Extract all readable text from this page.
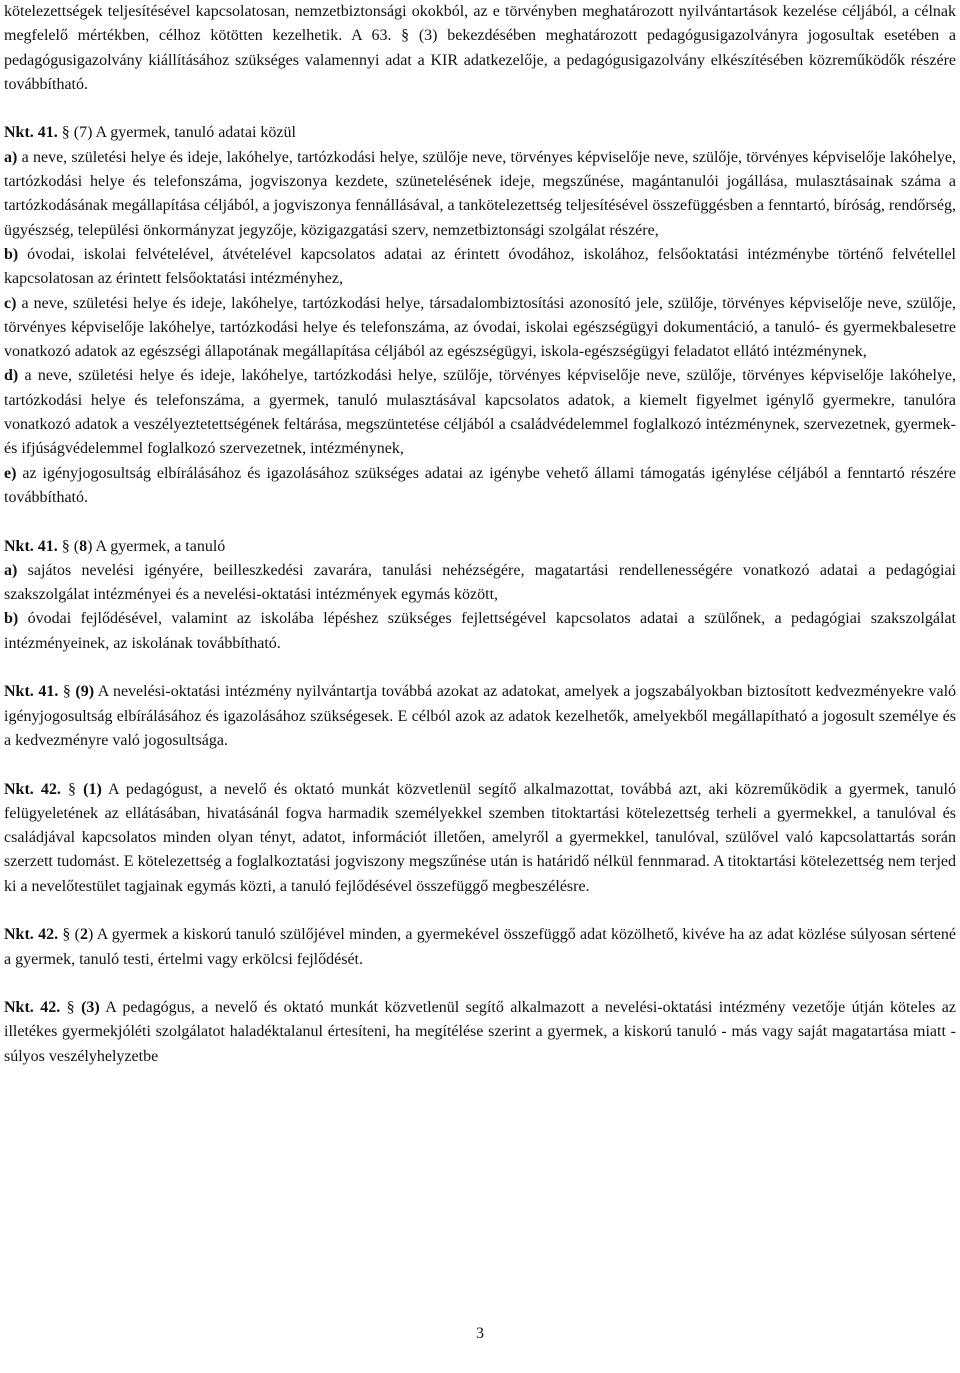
kötelezettségek teljesítésével kapcsolatosan, nemzetbiztonsági okokból, az e törvényben meghatározott nyilvántartások kezelése céljából, a célnak megfelelő mértékben, célhoz kötötten kezelhetik. A 63. § (3) bekezdésében meghatározott pedagógusigazolványra jogosultak esetében a pedagógusigazolvány kiállításához szükséges valamennyi adat a KIR adatkezelője, a pedagógusigazolvány elkészítésében közreműködők részére továbbítható.

Nkt. 41. § (7) A gyermek, tanuló adatai közül

a) a neve, születési helye és ideje, lakóhelye, tartózkodási helye, szülője neve, törvényes képviselője neve, szülője, törvényes képviselője lakóhelye, tartózkodási helye és telefonszáma, jogviszonya kezdete, szünetelésének ideje, megszűnése, magántanulói jogállása, mulasztásainak száma a tartózkodásának megállapítása céljából, a jogviszonya fennállásával, a tankötelezettség teljesítésével összefüggésben a fenntartó, bíróság, rendőrség, ügyészség, települési önkormányzat jegyzője, közigazgatási szerv, nemzetbiztonsági szolgálat részére,

b) óvodai, iskolai felvételével, átvételével kapcsolatos adatai az érintett óvodához, iskolához, felsőoktatási intézménybe történő felvétellel kapcsolatosan az érintett felsőoktatási intézményhez,

c) a neve, születési helye és ideje, lakóhelye, tartózkodási helye, társadalombiztosítási azonosító jele, szülője, törvényes képviselője neve, szülője, törvényes képviselője lakóhelye, tartózkodási helye és telefonszáma, az óvodai, iskolai egészségügyi dokumentáció, a tanuló- és gyermekbalesetre vonatkozó adatok az egészségi állapotának megállapítása céljából az egészségügyi, iskola-egészségügyi feladatot ellátó intézménynek,

d) a neve, születési helye és ideje, lakóhelye, tartózkodási helye, szülője, törvényes képviselője neve, szülője, törvényes képviselője lakóhelye, tartózkodási helye és telefonszáma, a gyermek, tanuló mulasztásával kapcsolatos adatok, a kiemelt figyelmet igénylő gyermekre, tanulóra vonatkozó adatok a veszélyeztetettségének feltárása, megszüntetése céljából a családvédelemmel foglalkozó intézménynek, szervezetnek, gyermek- és ifjúságvédelemmel foglalkozó szervezetnek, intézménynek,

e) az igényjogosultság elbírálásához és igazolásához szükséges adatai az igénybe vehető állami támogatás igénylése céljából a fenntartó részére továbbítható.

Nkt. 41. § (8) A gyermek, a tanuló

a) sajátos nevelési igényére, beilleszkedési zavarára, tanulási nehézségére, magatartási rendellenességére vonatkozó adatai a pedagógiai szakszolgálat intézményei és a nevelési-oktatási intézmények egymás között,

b) óvodai fejlődésével, valamint az iskolába lépéshez szükséges fejlettségével kapcsolatos adatai a szülőnek, a pedagógiai szakszolgálat intézményeinek, az iskolának továbbítható.

Nkt. 41. § (9) A nevelési-oktatási intézmény nyilvántartja továbbá azokat az adatokat, amelyek a jogszabályokban biztosított kedvezményekre való igényjogosultság elbírálásához és igazolásához szükségesek. E célból azok az adatok kezelhetők, amelyekből megállapítható a jogosult személye és a kedvezményre való jogosultsága.

Nkt. 42. § (1) A pedagógust, a nevelő és oktató munkát közvetlenül segítő alkalmazottat, továbbá azt, aki közreműködik a gyermek, tanuló felügyeletének az ellátásában, hivatásánál fogva harmadik személyekkel szemben titoktartási kötelezettség terheli a gyermekkel, a tanulóval és családjával kapcsolatos minden olyan tényt, adatot, információt illetően, amelyről a gyermekkel, tanulóval, szülővel való kapcsolattartás során szerzett tudomást. E kötelezettség a foglalkoztatási jogviszony megszűnése után is határidő nélkül fennmarad. A titoktartási kötelezettség nem terjed ki a nevelőtestület tagjainak egymás közti, a tanuló fejlődésével összefüggő megbeszélésre.

Nkt. 42. § (2) A gyermek a kiskorú tanuló szülőjével minden, a gyermekével összefüggő adat közölhető, kivéve ha az adat közlése súlyosan sértené a gyermek, tanuló testi, értelmi vagy erkölcsi fejlődését.

Nkt. 42. § (3) A pedagógus, a nevelő és oktató munkát közvetlenül segítő alkalmazott a nevelési-oktatási intézmény vezetője útján köteles az illetékes gyermekjóléti szolgálatot haladéktalanul értesíteni, ha megítélése szerint a gyermek, a kiskorú tanuló - más vagy saját magatartása miatt - súlyos veszélyhelyzetbe

3
